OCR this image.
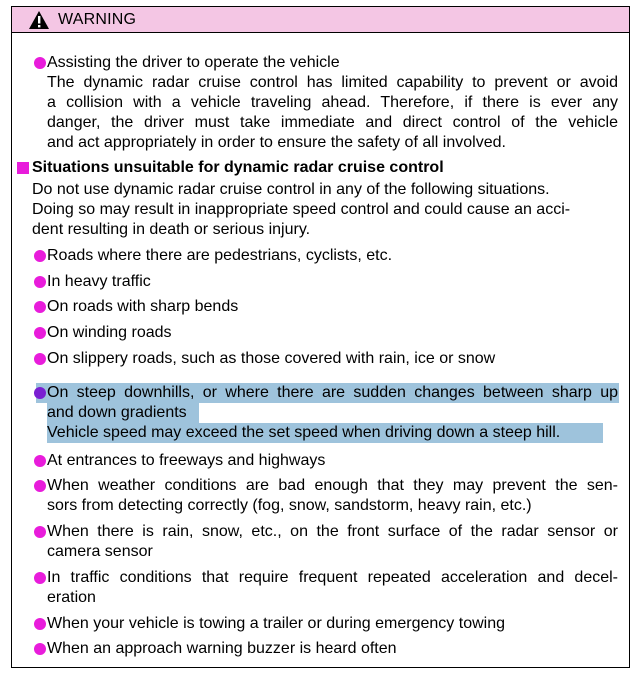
WARNING
Assisting the driver to operate the vehicle
The dynamic radar cruise control has limited capability to prevent or avoid
a collision with a vehicle traveling ahead. Therefore, if there is ever any
danger, the driver must take immediate and direct control of the vehicle
and act appropriately in order to ensure the safety of all involved.
Situations unsuitable for dynamic radar cruise control
Do not use dynamic radar cruise control in any of the following situations.
Doing so may result in inappropriate speed control and could cause an acci-
dent resulting in death or serious injury.
Roads where there are pedestrians, cyclists, etc.
In heavy traffic
On roads with sharp bends
On winding roads
On slippery roads, such as those covered with rain, ice or snow
On steep downhills, or where there are sudden changes between sharp up
and down gradients
Vehicle speed may exceed the set speed when driving down a steep hill.
At entrances to freeways and highways
When weather conditions are bad enough that they may prevent the sen-
sors from detecting correctly (fog, snow, sandstorm, heavy rain, etc.)
When there is rain, snow, etc., on the front surface of the radar sensor or
camera sensor
In traffic conditions that require frequent repeated acceleration and decel-
eration
When your vehicle is towing a trailer or during emergency towing
When an approach warning buzzer is heard often
